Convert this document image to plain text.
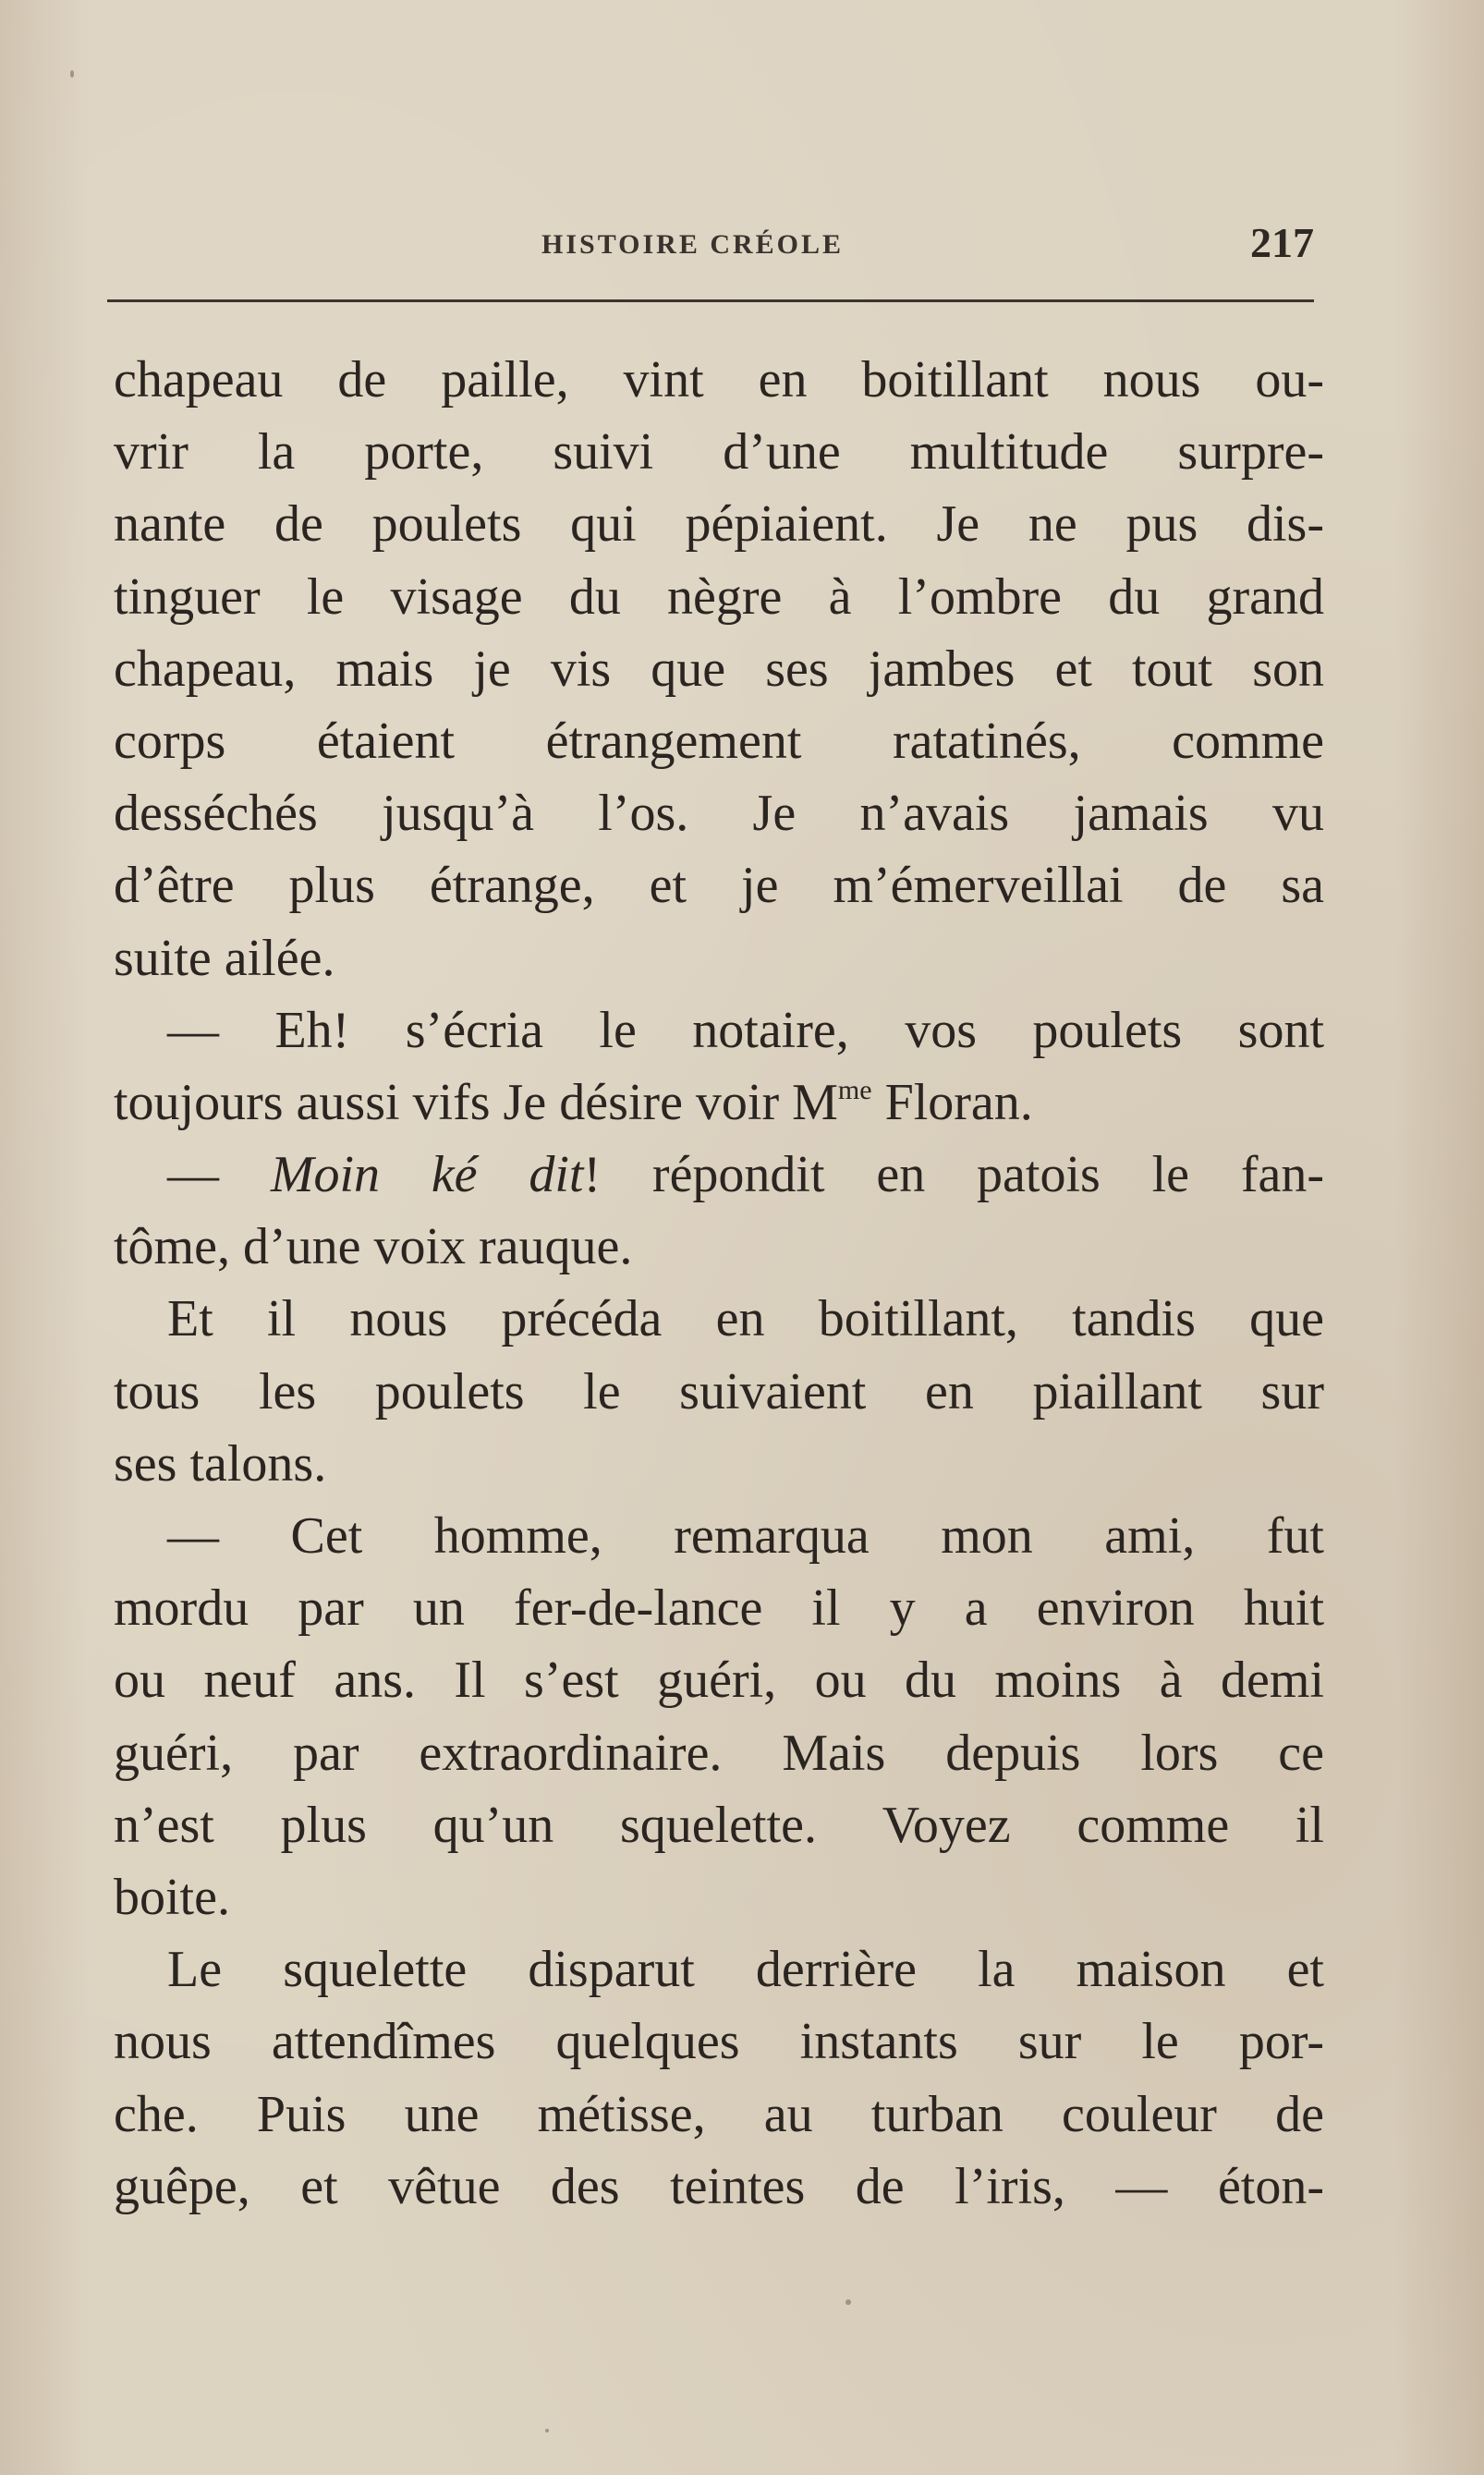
HISTOIRE CRÉOLE	217
chapeau de paille, vint en boitillant nous ou-
vrir la porte, suivi d’une multitude surpre-
nante de poulets qui pépiaient. Je ne pus dis-
tinguer le visage du nègre à l’ombre du grand
chapeau, mais je vis que ses jambes et tout son
corps étaient étrangement ratatinés, comme
desséchés jusqu’à l’os. Je n’avais jamais vu
d’être plus étrange, et je m’émerveillai de sa
suite ailée.
— Eh! s’écria le notaire, vos poulets sont
toujours aussi vifs Je désire voir $M^{me}$ Floran.
— Moin ké dit! répondit en patois le fan-
tôme, d’une voix rauque.
Et il nous précéda en boitillant, tandis que
tous les poulets le suivaient en piaillant sur
ses talons.
— Cet homme, remarqua mon ami, fut
mordu par un fer-de-lance il y a environ huit
ou neuf ans. Il s’est guéri, ou du moins à demi
guéri, par extraordinaire. Mais depuis lors ce
n’est plus qu’un squelette. Voyez comme il
boite.
Le squelette disparut derrière la maison et
nous attendîmes quelques instants sur le por-
che. Puis une métisse, au turban couleur de
guêpe, et vêtue des teintes de l’iris, — éton-
